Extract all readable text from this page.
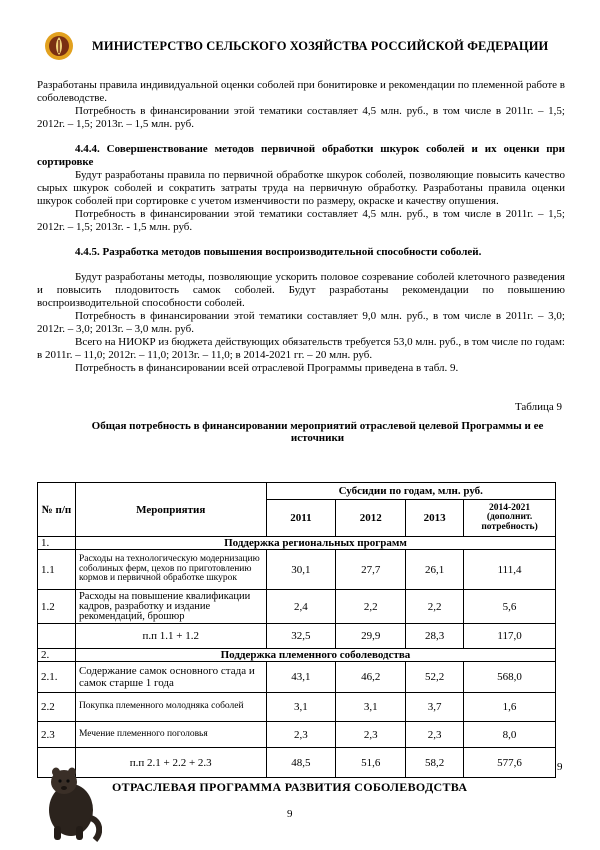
МИНИСТЕРСТВО СЕЛЬСКОГО ХОЗЯЙСТВА РОССИЙСКОЙ ФЕДЕРАЦИИ

Разработаны правила индивидуальной оценки соболей при бонитировке и рекомендации по племенной работе в соболеводстве.

Потребность в финансировании этой тематики составляет 4,5 млн. руб., в том числе в 2011г. – 1,5; 2012г. – 1,5; 2013г. – 1,5 млн. руб.

4.4.4. Совершенствование методов первичной обработки шкурок соболей и их оценки при сортировке

Будут разработаны правила по первичной обработке шкурок соболей, позволяющие повысить качество сырых шкурок соболей и сократить затраты труда на первичную обработку. Разработаны правила оценки шкурок соболей при сортировке с учетом изменчивости по размеру, окраске и качеству опушения.

Потребность в финансировании этой тематики составляет 4,5 млн. руб., в том числе в 2011г. – 1,5; 2012г. – 1,5; 2013г. - 1,5 млн. руб.

4.4.5. Разработка методов повышения воспроизводительной способности соболей.

Будут разработаны методы, позволяющие ускорить половое созревание соболей клеточного разведения и повысить плодовитость самок соболей. Будут разработаны рекомендации по повышению воспроизводительной способности соболей.

Потребность в финансировании этой тематики составляет 9,0 млн. руб., в том числе в 2011г. – 3,0; 2012г. – 3,0; 2013г. – 3,0 млн. руб.

Всего на НИОКР из бюджета действующих обязательств требуется 53,0 млн. руб., в том числе по годам: в 2011г. – 11,0; 2012г. – 11,0; 2013г. – 11,0; в 2014-2021 гг. – 20 млн. руб.

Потребность в финансировании всей отраслевой Программы приведена в табл. 9.

Таблица 9
Общая потребность в финансировании мероприятий отраслевой целевой Программы и ее источники
№ п/п	Мероприятия	Субсидии по годам, млн. руб.			
		2011	2012	2013	2014-2021 (дополнит. потребность)
1.	Поддержка региональных программ				
1.1	Расходы на технологическую модернизацию соболиных ферм, цехов по приготовлению кормов и первичной обработке шкурок	30,1	27,7	26,1	111,4
1.2	Расходы на повышение квалификации кадров, разработку и издание рекомендаций, брошюр	2,4	2,2	2,2	5,6
	п.п 1.1 + 1.2	32,5	29,9	28,3	117,0
2.	Поддержка племенного соболеводства				
2.1.	Содержание самок основного стада и самок старше 1 года	43,1	46,2	52,2	568,0
2.2	Покупка племенного молодняка соболей	3,1	3,1	3,7	1,6
2.3	Мечение племенного поголовья	2,3	2,3	2,3	8,0
	п.п 2.1 + 2.2 + 2.3	48,5	51,6	58,2	577,6	9
ОТРАСЛЕВАЯ ПРОГРАММА РАЗВИТИЯ СОБОЛЕВОДСТВА
9
